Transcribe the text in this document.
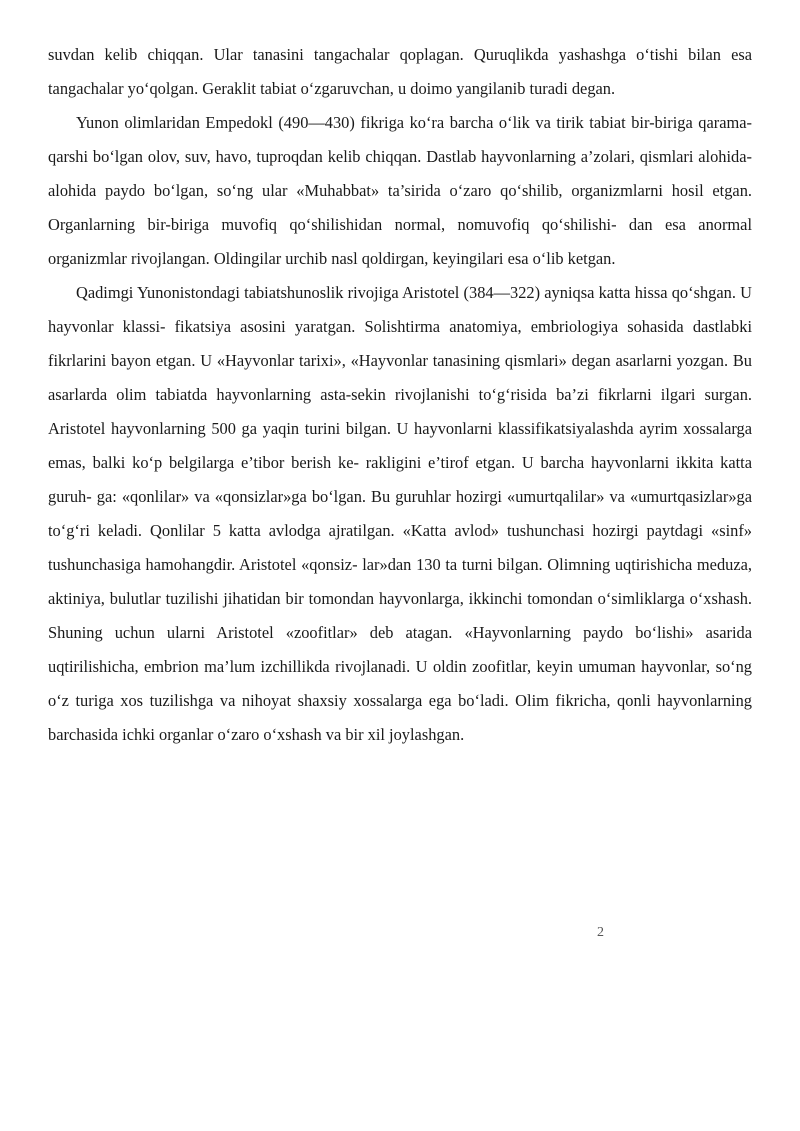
suvdan kelib chiqqan. Ular tanasini tangachalar qoplagan. Quruqlikda yashashga o‘tishi bilan esa tangachalar yo‘qolgan. Geraklit tabiat o‘zgaruvchan, u doimo yangilanib turadi degan.

Yunon olimlaridan Empedokl (490—430) fikriga ko‘ra barcha o‘lik va tirik tabiat bir-biriga qarama-qarshi bo‘lgan olov, suv, havo, tuproqdan kelib chiqqan. Dastlab hayvonlarning a’zolari, qismlari alohida-alohida paydo bo‘lgan, so‘ng ular «Muhabbat» ta’sirida o‘zaro qo‘shilib, organizmlarni hosil etgan. Organlarning bir-biriga muvofiq qo‘shilishidan normal, nomuvofiq qo‘shilishi- dan esa anormal organizmlar rivojlangan. Oldingilar urchib nasl qoldirgan, keyingilari esa o‘lib ketgan.

Qadimgi Yunonistondagi tabiatshunoslik rivojiga Aristotel (384—322) ayniqsa katta hissa qo‘shgan. U hayvonlar klassi- fikatsiya asosini yaratgan. Solishtirma anatomiya, embriologiya sohasida dastlabki fikrlarini bayon etgan. U «Hayvonlar tarixi», «Hayvonlar tanasining qismlari» degan asarlarni yozgan. Bu asarlarda olim tabiatda hayvonlarning asta-sekin rivojlanishi to‘g‘risida ba’zi fikrlarni ilgari surgan. Aristotel hayvonlarning 500 ga yaqin turini bilgan. U hayvonlarni klassifikatsiyalashda ayrim xossalarga emas, balki ko‘p belgilarga e’tibor berish ke- rakligini e’tirof etgan. U barcha hayvonlarni ikkita katta guruh- ga: «qonlilar» va «qonsizlar»ga bo‘lgan. Bu guruhlar hozirgi «umurtqalilar» va «umurtqasizlar»ga to‘g‘ri keladi. Qonlilar 5 katta avlodga ajratilgan. «Katta avlod» tushunchasi hozirgi paytdagi «sinf» tushunchasiga hamohangdir. Aristotel «qonsiz- lar»dan 130 ta turni bilgan. Olimning uqtirishicha meduza, aktiniya, bulutlar tuzilishi jihatidan bir tomondan hayvonlarga, ikkinchi tomondan o‘simliklarga o‘xshash. Shuning uchun ularni Aristotel «zoofitlar» deb atagan. «Hayvonlarning paydo bo‘lishi» asarida uqtirilishicha, embrion ma’lum izchillikda rivojlanadi. U oldin zoofitlar, keyin umuman hayvonlar, so‘ng o‘z turiga xos tuzilishga va nihoyat shaxsiy xossalarga ega bo‘ladi. Olim fikricha, qonli hayvonlarning barchasida ichki organlar o‘zaro o‘xshash va bir xil joylashgan.

2
